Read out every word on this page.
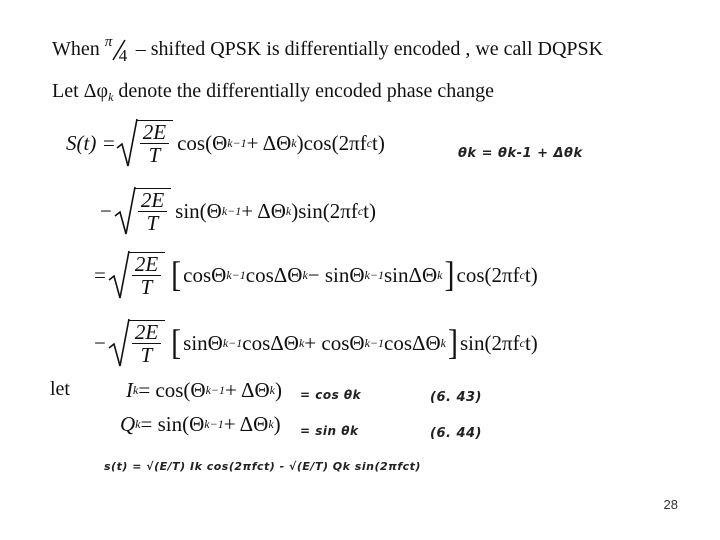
When π
4 – shifted QPSK is differentially encoded , we call DQPSK
Let $\Delta\varphi_k$ denote the differentially encoded phase change
$S(t) = \frac{2E}{T} \cos(\Theta$ k−1 + ΔΘ k )cos(2πf c t)	θk = θk-1 + Δθk
− $\frac{2E}{T} \sin(\Theta$ k−1 + ΔΘ k )sin(2πf c t)
= $\frac{2E}{T}$ [ cosΘ k−1 cosΔΘ k − sinΘ k−1 sinΔΘ k ] cos(2πf c t)
− $\frac{2E}{T}$ [ sinΘ k−1 cosΔΘ k + cosΘ k−1 cosΔΘ k ] sin(2πf c t)
let	I k = cos(Θ k−1 + ΔΘ k ) = cos θk	(6. 43)
Q k = sin(Θ k−1 + ΔΘ k ) = sin θk	(6. 44)
s(t) = √(E/T) Ik cos(2πfct) - √(E/T) Qk sin(2πfct)
28
